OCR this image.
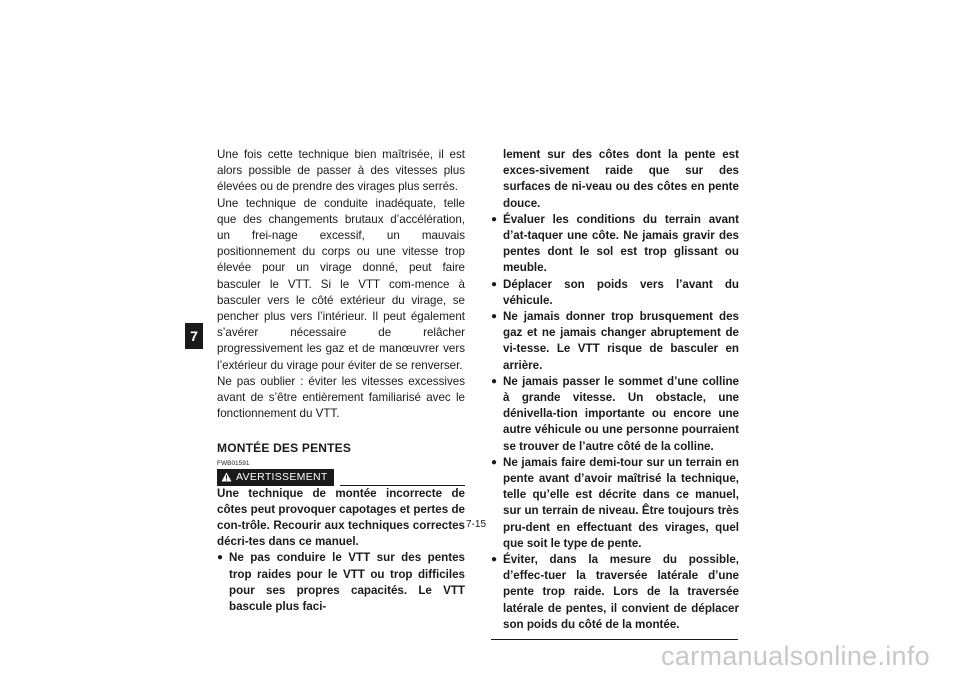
7

Une fois cette technique bien maîtrisée, il est alors possible de passer à des vitesses plus élevées ou de prendre des virages plus serrés.

Une technique de conduite inadéquate, telle que des changements brutaux d’accélération, un frei-nage excessif, un mauvais positionnement du corps ou une vitesse trop élevée pour un virage donné, peut faire basculer le VTT. Si le VTT com-mence à basculer vers le côté extérieur du virage, se pencher plus vers l’intérieur. Il peut également s’avérer nécessaire de relâcher progressivement les gaz et de manœuvrer vers l’extérieur du virage pour éviter de se renverser.

Ne pas oublier : éviter les vitesses excessives avant de s’être entièrement familiarisé avec le fonctionnement du VTT.

MONTÉE DES PENTES
FWB01591
AVERTISSEMENT

Une technique de montée incorrecte de côtes peut provoquer capotages et pertes de con-trôle. Recourir aux techniques correctes décri-tes dans ce manuel.

● Ne pas conduire le VTT sur des pentes trop raides pour le VTT ou trop difficiles pour ses propres capacités. Le VTT bascule plus faci-

lement sur des côtes dont la pente est exces-sivement raide que sur des surfaces de ni-veau ou des côtes en pente douce.

● Évaluer les conditions du terrain avant d’at-taquer une côte. Ne jamais gravir des pentes dont le sol est trop glissant ou meuble.
● Déplacer son poids vers l’avant du véhicule.
● Ne jamais donner trop brusquement des gaz et ne jamais changer abruptement de vi-tesse. Le VTT risque de basculer en arrière.
● Ne jamais passer le sommet d’une colline à grande vitesse. Un obstacle, une dénivella-tion importante ou encore une autre véhicule ou une personne pourraient se trouver de l’autre côté de la colline.
● Ne jamais faire demi-tour sur un terrain en pente avant d’avoir maîtrisé la technique, telle qu’elle est décrite dans ce manuel, sur un terrain de niveau. Être toujours très pru-dent en effectuant des virages, quel que soit le type de pente.
● Éviter, dans la mesure du possible, d’effec-tuer la traversée latérale d’une pente trop raide. Lors de la traversée latérale de pentes, il convient de déplacer son poids du côté de la montée.
7-15
carmanualsonline.info
